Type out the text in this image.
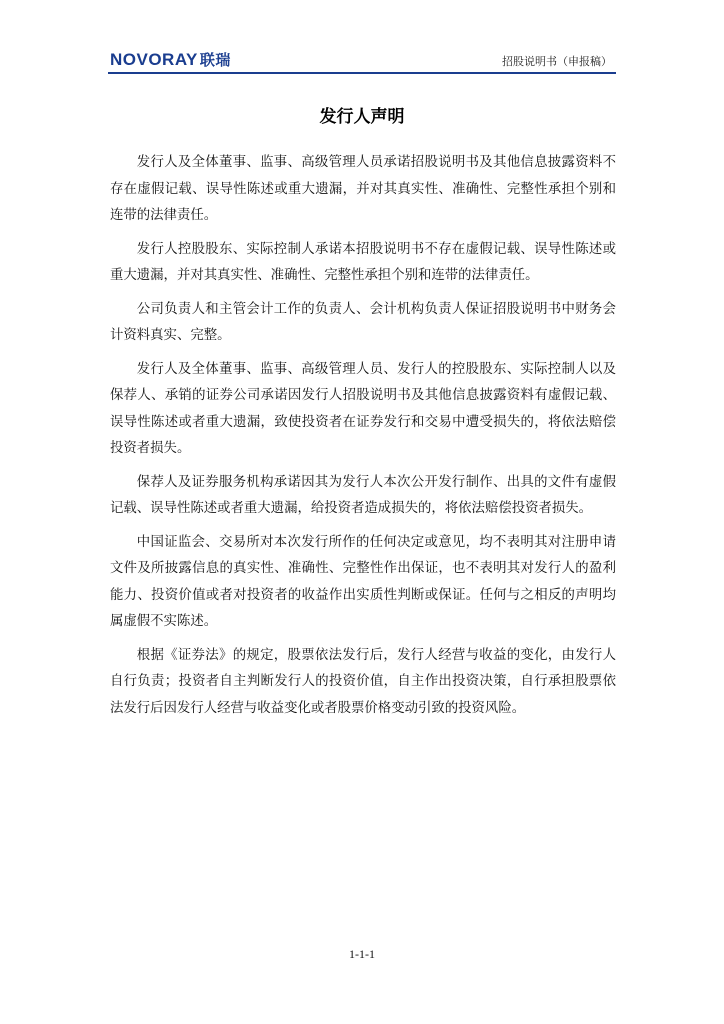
NOVORAY 联瑞	招股说明书（申报稿）
发行人声明

发行人及全体董事、监事、高级管理人员承诺招股说明书及其他信息披露资料不存在虚假记载、误导性陈述或重大遗漏，并对其真实性、准确性、完整性承担个别和连带的法律责任。

发行人控股股东、实际控制人承诺本招股说明书不存在虚假记载、误导性陈述或重大遗漏，并对其真实性、准确性、完整性承担个别和连带的法律责任。

公司负责人和主管会计工作的负责人、会计机构负责人保证招股说明书中财务会计资料真实、完整。

发行人及全体董事、监事、高级管理人员、发行人的控股股东、实际控制人以及保荐人、承销的证券公司承诺因发行人招股说明书及其他信息披露资料有虚假记载、误导性陈述或者重大遗漏，致使投资者在证券发行和交易中遭受损失的，将依法赔偿投资者损失。

保荐人及证券服务机构承诺因其为发行人本次公开发行制作、出具的文件有虚假记载、误导性陈述或者重大遗漏，给投资者造成损失的，将依法赔偿投资者损失。

中国证监会、交易所对本次发行所作的任何决定或意见，均不表明其对注册申请文件及所披露信息的真实性、准确性、完整性作出保证，也不表明其对发行人的盈利能力、投资价值或者对投资者的收益作出实质性判断或保证。任何与之相反的声明均属虚假不实陈述。

根据《证券法》的规定，股票依法发行后，发行人经营与收益的变化，由发行人自行负责；投资者自主判断发行人的投资价值，自主作出投资决策，自行承担股票依法发行后因发行人经营与收益变化或者股票价格变动引致的投资风险。

1-1-1
